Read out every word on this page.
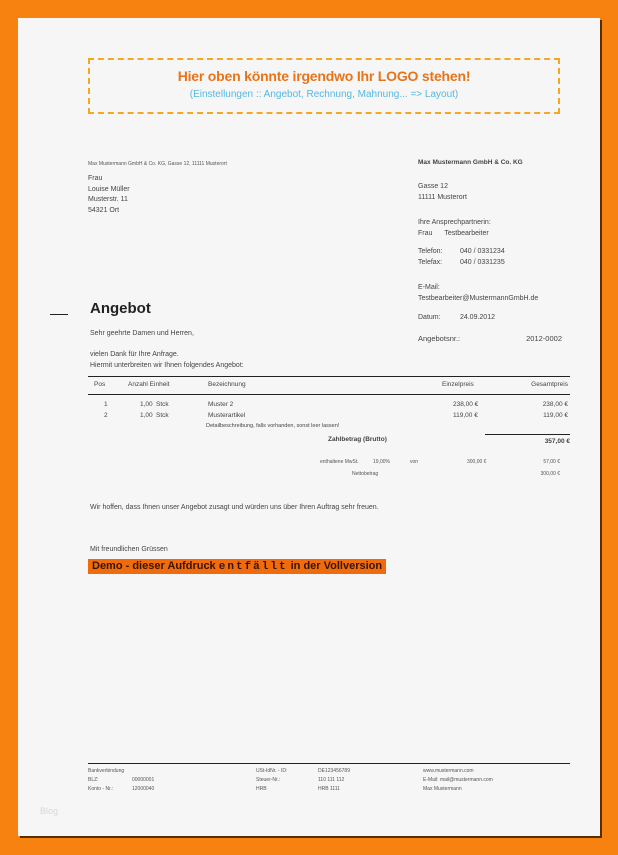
Hier oben könnte irgendwo Ihr LOGO stehen!
(Einstellungen :: Angebot, Rechnung, Mahnung... => Layout)
Max Mustermann GmbH & Co. KG, Gasse 12, 11111 Musterort
Frau
Louise Müller
Musterstr. 11
54321 Ort
Max Mustermann GmbH & Co. KG
Gasse 12
11111 Musterort
Ihre Ansprechpartnerin:
Frau Testbearbeiter
Telefon: 040 / 0331234
Telefax:	040 / 0331235
E-Mail:
Testbearbeiter@MustermannGmbH.de
Datum:	24.09.2012
Angebotsnr.:	2012-0002
Angebot
Sehr geehrte Damen und Herren,
vielen Dank für Ihre Anfrage.
Hiermit unterbreiten wir Ihnen folgendes Angebot:
Pos	Anzahl Einheit	Bezeichnung	Einzelpreis	Gesamtpreis
1	1,00 Stck	Muster 2	238,00 €	238,00 €
2	1,00 Stck	Musterartikel	119,00 €	119,00 €
Detailbeschreibung, falls vorhanden, sonst leer lassen!
Zahlbetrag (Brutto)	357,00 €
enthaltene MwSt.	19,00%	von	300,00 €	57,00 €
Nettobetrag	300,00 €
Wir hoffen, dass Ihnen unser Angebot zusagt und würden uns über Ihren Auftrag sehr freuen.
Mit freundlichen Grüssen
Demo - dieser Aufdruck entfällt in der Vollversion
Bankverbindung
BLZ:	00000001
Konto - Nr.:	12000040
USt-IdNr. - ID:	DE123456789
Steuer-Nr.:	110 111 112
HRB	HRB 1111
www.mustermann.com
E-Mail: mail@mustermann.com
Max Mustermann
Blog
